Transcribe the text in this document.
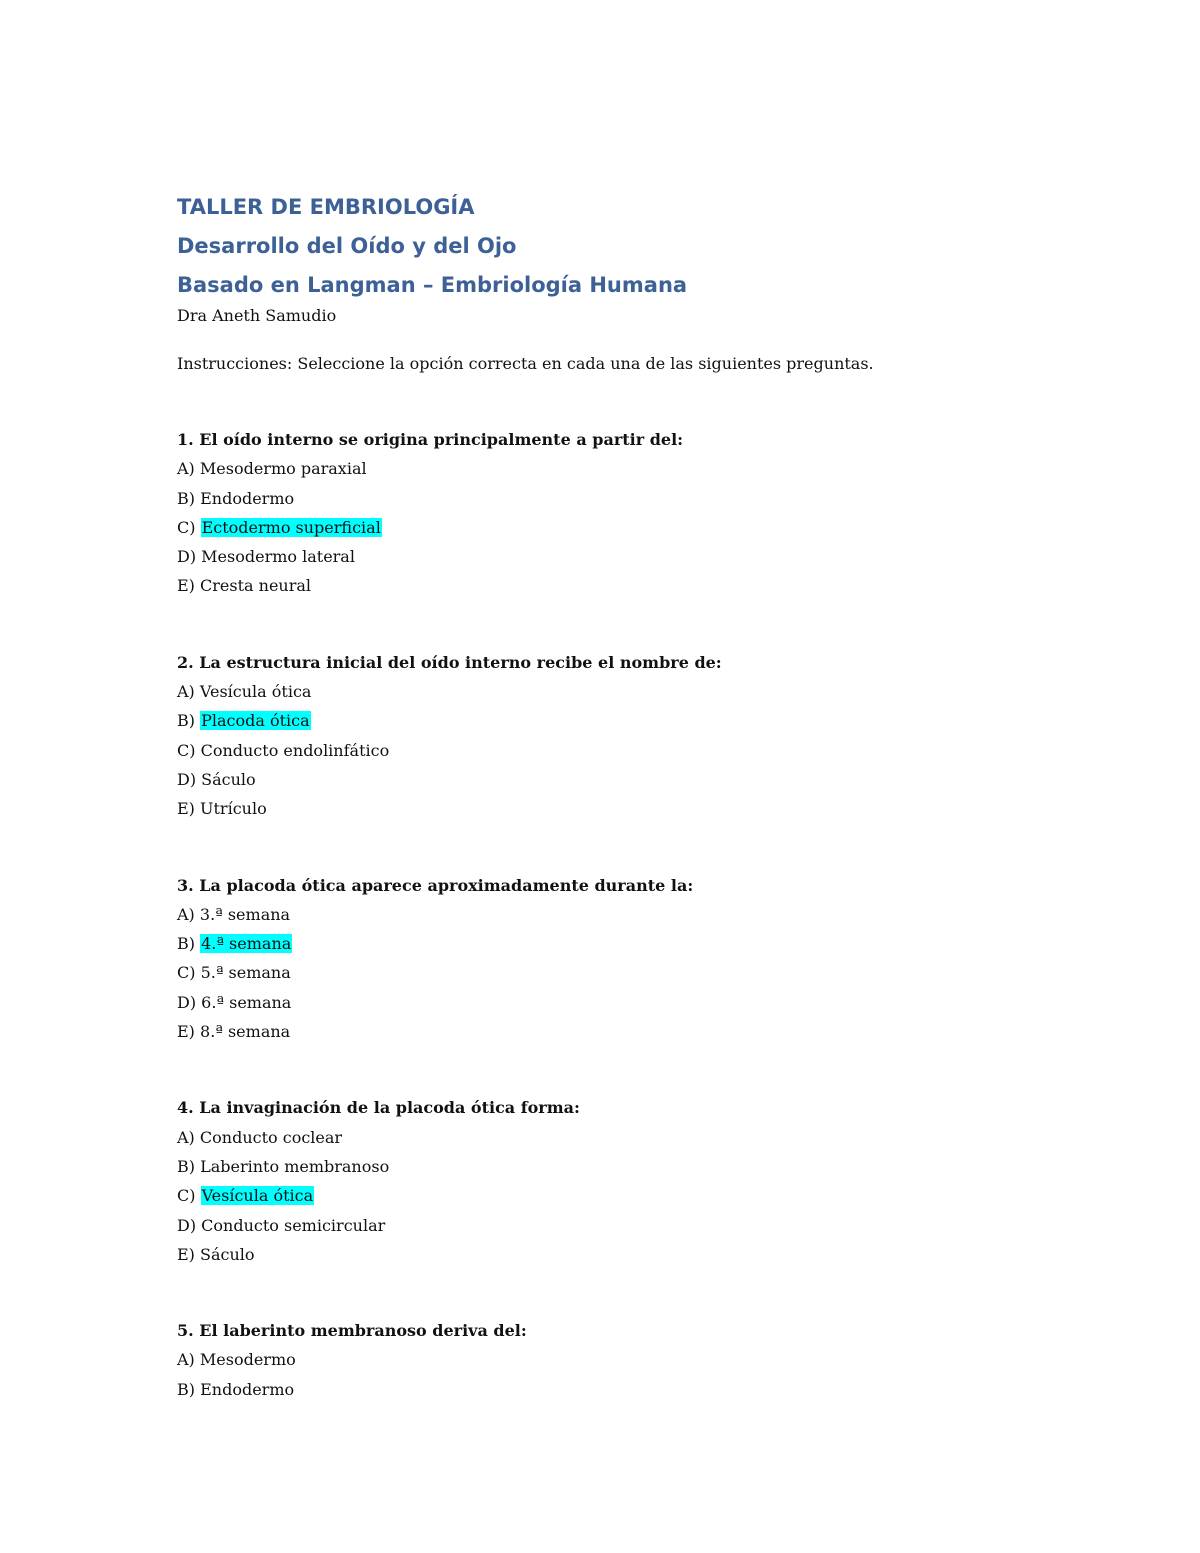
TALLER DE EMBRIOLOGÍA
Desarrollo del Oído y del Ojo
Basado en Langman – Embriología Humana
Dra Aneth Samudio
Instrucciones: Seleccione la opción correcta en cada una de las siguientes preguntas.
1. El oído interno se origina principalmente a partir del:
A) Mesodermo paraxial
B) Endodermo
C) Ectodermo superficial
D) Mesodermo lateral
E) Cresta neural
2. La estructura inicial del oído interno recibe el nombre de:
A) Vesícula ótica
B) Placoda ótica
C) Conducto endolinfático
D) Sáculo
E) Utrículo
3. La placoda ótica aparece aproximadamente durante la:
A) 3.ª semana
B) 4.ª semana
C) 5.ª semana
D) 6.ª semana
E) 8.ª semana
4. La invaginación de la placoda ótica forma:
A) Conducto coclear
B) Laberinto membranoso
C) Vesícula ótica
D) Conducto semicircular
E) Sáculo
5. El laberinto membranoso deriva del:
A) Mesodermo
B) Endodermo
